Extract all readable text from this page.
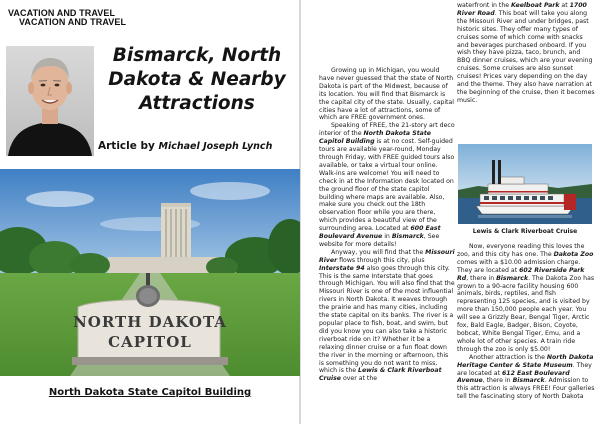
VACATION AND TRAVEL
Bismarck, North Dakota & Nearby Attractions
Article by Michael Joseph Lynch
NORTH DAKOTA
CAPITOL
North Dakota State Capitol Building
VACATION AND TRAVEL

Growing up in Michigan, you would have never guessed that the state of North Dakota is part of the Midwest, because of its location. You will find that Bismarck is the capital city of the state. Usually, capital cities have a lot of attractions, some of which are FREE government ones.

Speaking of FREE, the 21-story art deco interior of the North Dakota State Capitol Building is at no cost. Self-guided tours are available year-round, Monday through Friday, with FREE guided tours also available, or take a virtual tour online. Walk-ins are welcome! You will need to check in at the Information desk located on the ground floor of the state capitol building where maps are available. Also, make sure you check out the 18th observation floor while you are there, which provides a beautiful view of the surrounding area. Located at 600 East Boulevard Avenue in Bismarck, See website for more details!

Anyway, you will find that the Missouri River flows through this city, plus Interstate 94 also goes through this city. This is the same Interstate that goes through Michigan. You will also find that the Missouri River is one of the most influential rivers in North Dakota. It weaves through the prairie and has many cities, including the state capital on its banks. The river is a popular place to fish, boat, and swim, but did you know you can also take a historic riverboat ride on it? Whether it be a relaxing dinner cruise or a fun float down the river in the morning or afternoon, this is something you do not want to miss, which is the Lewis & Clark Riverboat Cruise over at the

waterfront in the Keelboat Park at 1700 River Road. This boat will take you along the Missouri River and under bridges, past historic sites. They offer many types of cruises some of which come with snacks and beverages purchased onboard. If you wish they have pizza, taco, brunch, and BBQ dinner cruises, which are your evening cruises. Some cruises are also sunset cruises! Prices vary depending on the day and the theme. They also have narration at the beginning of the cruise, then it becomes music.

Lewis & Clark Riverboat Cruise

Now, everyone reading this loves the zoo, and this city has one. The Dakota Zoo comes with a $10.00 admission charge. They are located at 602 Riverside Park Rd, there in Bismarck. The Dakota Zoo has grown to a 90-acre facility housing 600 animals, birds, reptiles, and fish representing 125 species, and is visited by more than 150,000 people each year. You will see a Grizzly Bear, Bengal Tiger, Arctic fox, Bald Eagle, Badger, Bison, Coyote, bobcat, White Bengal Tiger, Emu, and a whole lot of other species. A train ride through the zoo is only $5.00!

Another attraction is the North Dakota Heritage Center & State Museum. They are located at 612 East Boulevard Avenue, there in Bismarck. Admission to this attraction is always FREE! Four galleries tell the fascinating story of North Dakota
